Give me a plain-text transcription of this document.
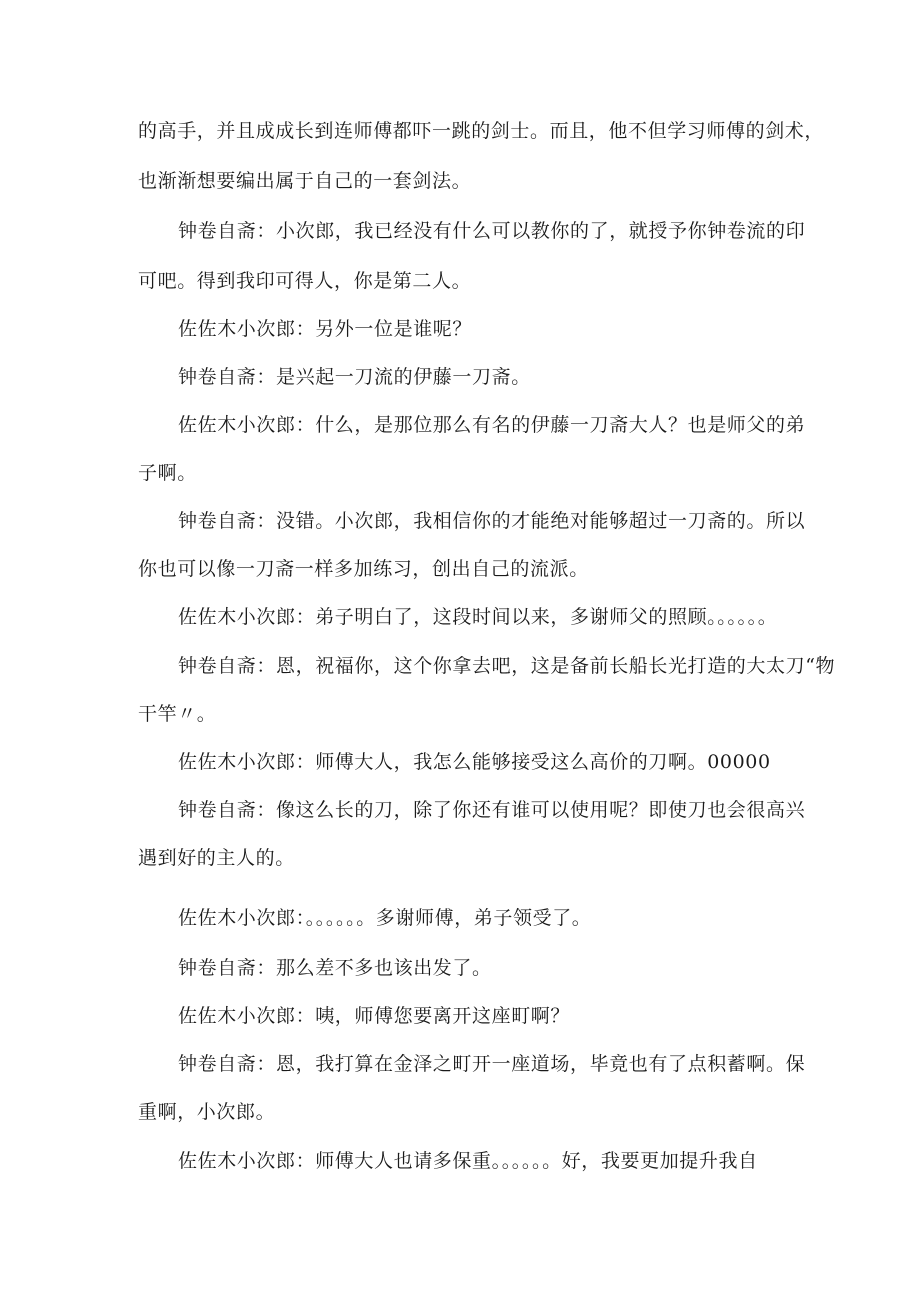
的高手，并且成成长到连师傅都吓一跳的剑士。而且，他不但学习师傅的剑术，
也渐渐想要编出属于自己的一套剑法。
钟卷自斋：小次郎，我已经没有什么可以教你的了，就授予你钟卷流的印
可吧。得到我印可得人，你是第二人。
佐佐木小次郎：另外一位是谁呢？
钟卷自斋：是兴起一刀流的伊藤一刀斋。
佐佐木小次郎：什么，是那位那么有名的伊藤一刀斋大人？也是师父的弟
子啊。
钟卷自斋：没错。小次郎，我相信你的才能绝对能够超过一刀斋的。所以
你也可以像一刀斋一样多加练习，创出自己的流派。
佐佐木小次郎：弟子明白了，这段时间以来，多谢师父的照顾。。。。。。
钟卷自斋：恩，祝福你，这个你拿去吧，这是备前长船长光打造的大太刀“物
干竿〃。
佐佐木小次郎：师傅大人，我怎么能够接受这么高价的刀啊。00000
钟卷自斋：像这么长的刀，除了你还有谁可以使用呢？即使刀也会很高兴
遇到好的主人的。
佐佐木小次郎：。。。。。。多谢师傅，弟子领受了。
钟卷自斋：那么差不多也该出发了。
佐佐木小次郎：咦，师傅您要离开这座町啊？
钟卷自斋：恩，我打算在金泽之町开一座道场，毕竟也有了点积蓄啊。保
重啊，小次郎。
佐佐木小次郎：师傅大人也请多保重。。。。。。好，我要更加提升我自
